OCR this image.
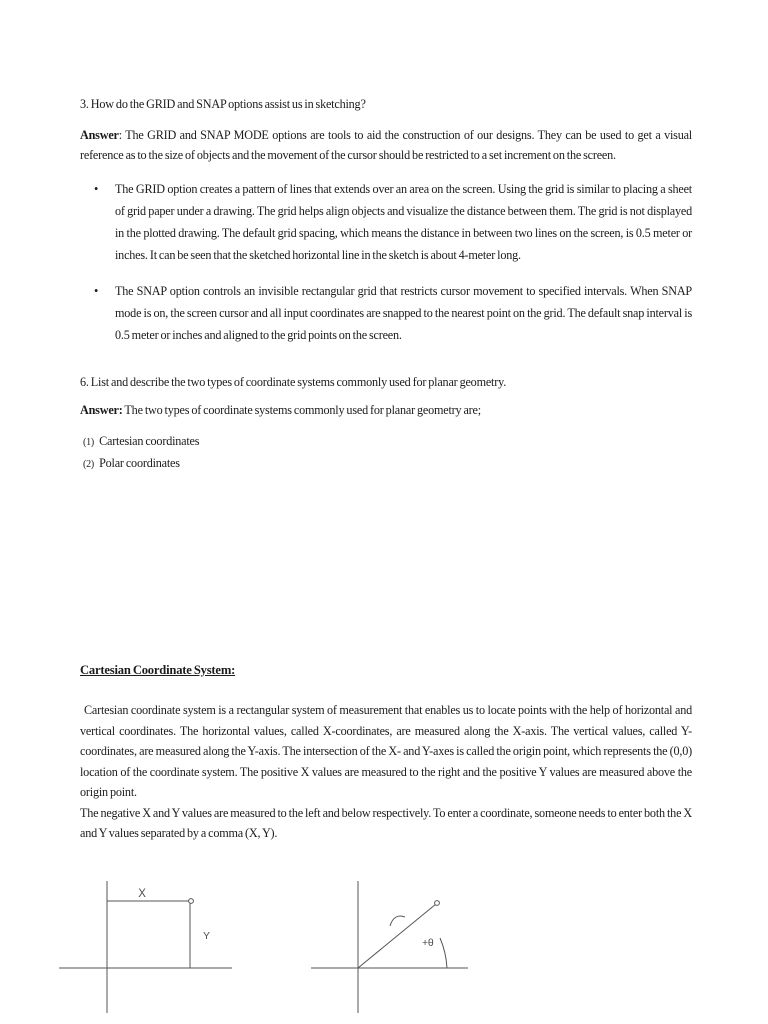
3. How do the GRID and SNAP options assist us in sketching?

Answer: The GRID and SNAP MODE options are tools to aid the construction of our designs. They can be used to get a visual reference as to the size of objects and the movement of the cursor should be restricted to a set increment on the screen.

• The GRID option creates a pattern of lines that extends over an area on the screen. Using the grid is similar to placing a sheet of grid paper under a drawing. The grid helps align objects and visualize the distance between them. The grid is not displayed in the plotted drawing. The default grid spacing, which means the distance in between two lines on the screen, is 0.5 meter or inches. It can be seen that the sketched horizontal line in the sketch is about 4-meter long.
• The SNAP option controls an invisible rectangular grid that restricts cursor movement to specified intervals. When SNAP mode is on, the screen cursor and all input coordinates are snapped to the nearest point on the grid. The default snap interval is 0.5 meter or inches and aligned to the grid points on the screen.

6. List and describe the two types of coordinate systems commonly used for planar geometry.

Answer: The two types of coordinate systems commonly used for planar geometry are;

(1) Cartesian coordinates
(2) Polar coordinates

Cartesian Coordinate System:

Cartesian coordinate system is a rectangular system of measurement that enables us to locate points with the help of horizontal and vertical coordinates. The horizontal values, called X-coordinates, are measured along the X-axis. The vertical values, called Y-coordinates, are measured along the Y-axis. The intersection of the X- and Y-axes is called the origin point, which represents the (0,0) location of the coordinate system. The positive X values are measured to the right and the positive Y values are measured above the origin point.

The negative X and Y values are measured to the left and below respectively. To enter a coordinate, someone needs to enter both the X and Y values separated by a comma (X, Y).

X
Y
+θ
